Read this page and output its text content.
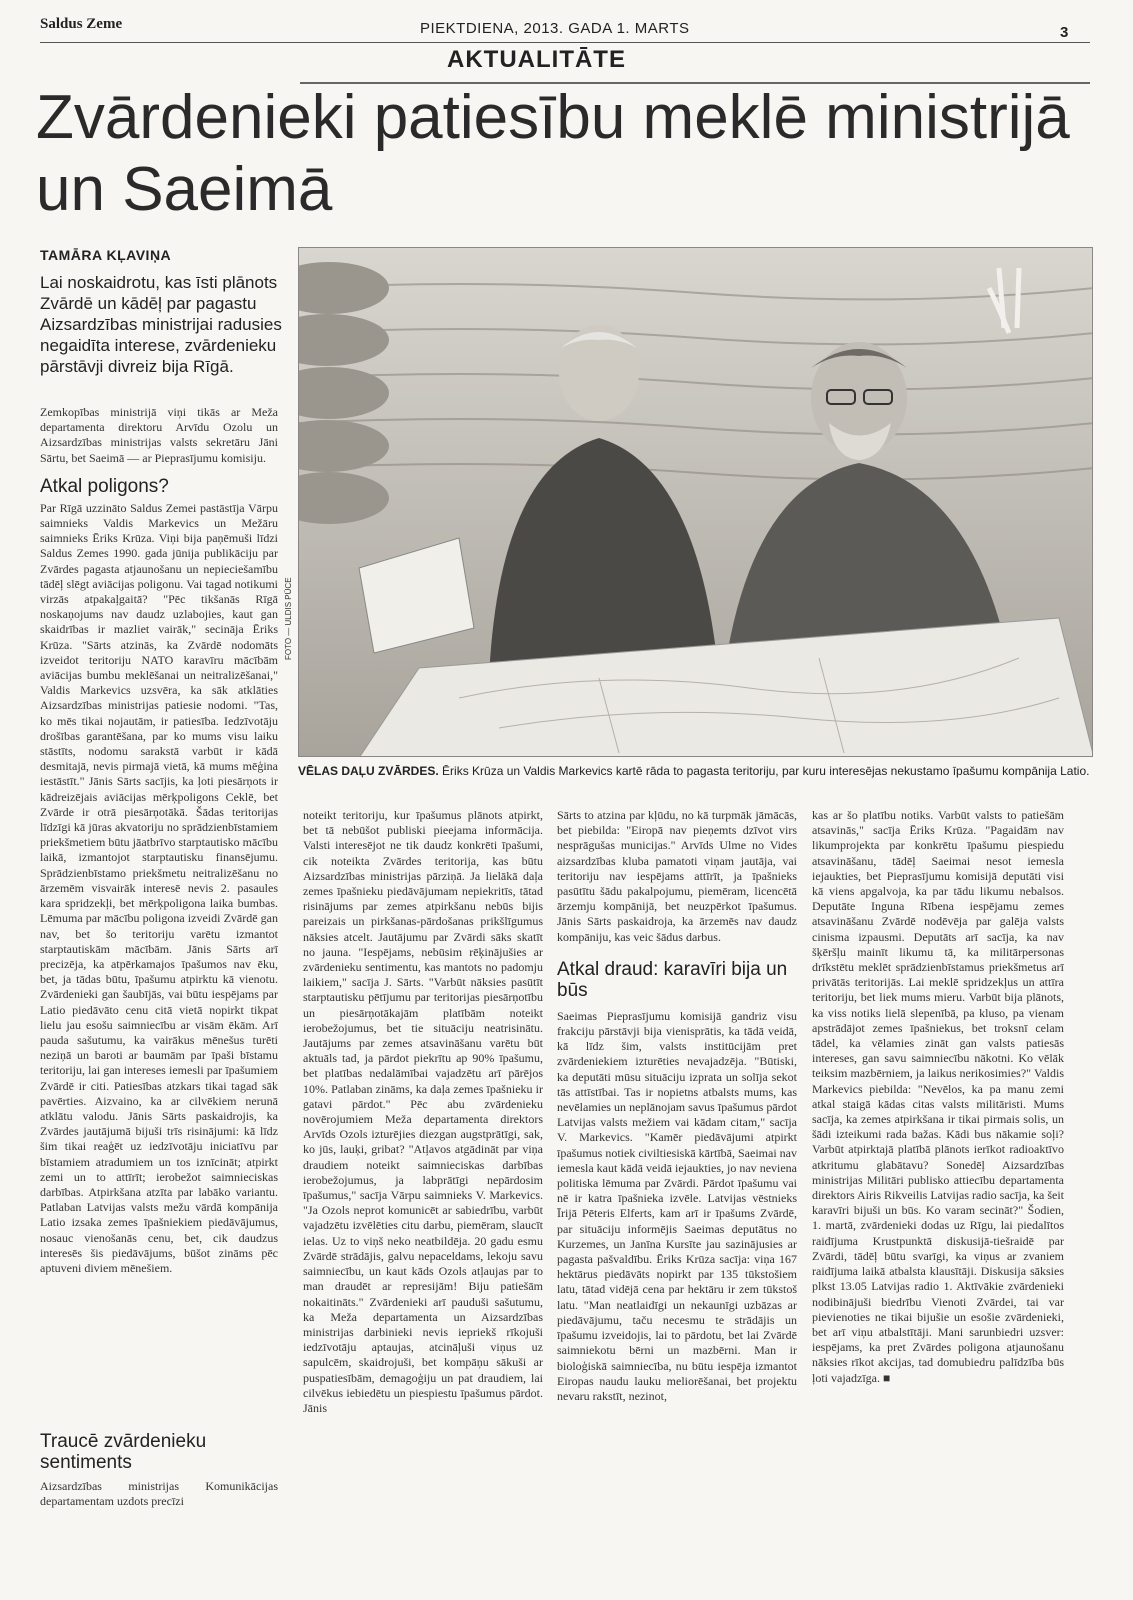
Saldus Zeme	PIEKTDIENA, 2013. GADA 1. MARTS	3
AKTUALITĀTE
Zvārdenieki patiesību meklē ministrijā un Saeimā
TAMĀRA KĻAVIŅA
Lai noskaidrotu, kas īsti plānots Zvārdē un kādēļ par pagastu Aizsardzības ministrijai radusies negaidīta interese, zvārdenieku pārstāvji divreiz bija Rīgā.

Zemkopības ministrijā viņi tikās ar Meža departamenta direktoru Arvīdu Ozolu un Aizsardzības ministrijas valsts sekretāru Jāni Sārtu, bet Saeimā — ar Pieprasījumu komisiju.

Atkal poligons?

Par Rīgā uzzināto Saldus Zemei pastāstīja Vārpu saimnieks Valdis Markevics un Mežāru saimnieks Ēriks Krūza. Viņi bija paņēmuši līdzi Saldus Zemes 1990. gada jūnija publikāciju par Zvārdes pagasta atjaunošanu un nepieciešamību tādēļ slēgt aviācijas poligonu. Vai tagad notikumi virzās atpakaļgaitā? "Pēc tikšanās Rīgā noskaņojums nav daudz uzlabojies, kaut gan skaidrības ir mazliet vairāk," secināja Ēriks Krūza. "Sārts atzinās, ka Zvārdē nodomāts izveidot teritoriju NATO karavīru mācībām aviācijas bumbu meklēšanai un neitralizēšanai," Valdis Markevics uzsvēra, ka sāk atklāties Aizsardzības ministrijas patiesie nodomi. "Tas, ko mēs tikai nojautām, ir patiesība. Iedzīvotāju drošības garantēšana, par ko mums visu laiku stāstīts, nodomu sarakstā varbūt ir kādā desmitajā, nevis pirmajā vietā, kā mums mēģina iestāstīt." Jānis Sārts sacījis, ka ļoti piesārņots ir kādreizējais aviācijas mērķpoligons Ceklē, bet Zvārde ir otrā piesārņotākā. Šādas teritorijas līdzīgi kā jūras akvatoriju no sprādzienbīstamiem priekšmetiem būtu jāatbrīvo starptautisko mācību laikā, izmantojot starptautisku finansējumu. Sprādzienbīstamo priekšmetu neitralizēšanu no ārzemēm visvairāk interesē nevis 2. pasaules kara spridzekļi, bet mērķpoligona laika bumbas. Lēmuma par mācību poligona izveidi Zvārdē gan nav, bet šo teritoriju varētu izmantot starptautiskām mācībām. Jānis Sārts arī precizēja, ka atpērkamajos īpašumos nav ēku, bet, ja tādas būtu, īpašumu atpirktu kā vienotu. Zvārdenieki gan šaubījās, vai būtu iespējams par Latio piedāvāto cenu citā vietā nopirkt tikpat lielu jau esošu saimniecību ar visām ēkām. Arī pauda sašutumu, ka vairākus mēnešus turēti neziņā un baroti ar baumām par īpaši bīstamu teritoriju, lai gan intereses iemesli par īpašumiem Zvārdē ir citi. Patiesības atzkars tikai tagad sāk pavērties. Aizvaino, ka ar cilvēkiem nerunā atklātu valodu. Jānis Sārts paskaidrojis, ka Zvārdes jautājumā bijuši trīs risinājumi: kā līdz šim tikai reaģēt uz iedzīvotāju iniciatīvu par bīstamiem atradumiem un tos iznīcināt; atpirkt zemi un to attīrīt; ierobežot saimnieciskas darbības. Atpirkšana atzīta par labāko variantu. Patlaban Latvijas valsts mežu vārdā kompānija Latio izsaka zemes īpašniekiem piedāvājumus, nosauc vienošanās cenu, bet, cik daudzus interesēs šis piedāvājums, būšot zināms pēc aptuveni diviem mēnešiem.

Traucē zvārdenieku sentiments

Aizsardzības ministrijas Komunikācijas departamentam uzdots precīzi

FOTO — ULDIS PŪCE
VĒLAS DAĻU ZVĀRDES. Ēriks Krūza un Valdis Markevics kartē rāda to pagasta teritoriju, par kuru interesējas nekustamo īpašumu kompānija Latio.

noteikt teritoriju, kur īpašumus plānots atpirkt, bet tā nebūšot publiski pieejama informācija. Valsti interesējot ne tik daudz konkrēti īpašumi, cik noteikta Zvārdes teritorija, kas būtu Aizsardzības ministrijas pārziņā. Ja lielākā daļa zemes īpašnieku piedāvājumam nepiekritīs, tātad risinājums par zemes atpirkšanu nebūs bijis pareizais un pirkšanas-pārdošanas prikšlīgumus nāksies atcelt. Jautājumu par Zvārdi sāks skatīt no jauna. "Iespējams, nebūsim rēķinājušies ar zvārdenieku sentimentu, kas mantots no padomju laikiem," sacīja J. Sārts. "Varbūt nāksies pasūtīt starptautisku pētījumu par teritorijas piesārņotību un piesārņotākajām platībām noteikt ierobežojumus, bet tie situāciju neatrisinātu. Jautājums par zemes atsavināšanu varētu būt aktuāls tad, ja pārdot piekrītu ap 90% īpašumu, bet platības nedalāmībai vajadzētu arī pārējos 10%. Patlaban zināms, ka daļa zemes īpašnieku ir gatavi pārdot." Pēc abu zvārdenieku novērojumiem Meža departamenta direktors Arvīds Ozols izturējies diezgan augstprātīgi, sak, ko jūs, lauķi, gribat? "Atļavos atgādināt par viņa draudiem noteikt saimnieciskas darbības ierobežojumus, ja labprātīgi nepārdosim īpašumus," sacīja Vārpu saimnieks V. Markevics. "Ja Ozols neprot komunicēt ar sabiedrību, varbūt vajadzētu izvēlēties citu darbu, piemēram, slaucīt ielas. Uz to viņš neko neatbildēja. 20 gadu esmu Zvārdē strādājis, galvu nepaceldams, lekoju savu saimniecību, un kaut kāds Ozols atļaujas par to man draudēt ar represijām! Biju patiešām nokaitināts." Zvārdenieki arī pauduši sašutumu, ka Meža departamenta un Aizsardzības ministrijas darbinieki nevis iepriekš rīkojuši iedzīvotāju aptaujas, atcināļuši viņus uz sapulcēm, skaidrojuši, bet kompāņu sākuši ar puspatiesībām, demagoģiju un pat draudiem, lai cilvēkus iebiedētu un piespiestu īpašumus pārdot. Jānis

Sārts to atzina par kļūdu, no kā turpmāk jāmācās, bet piebilda: "Eiropā nav pieņemts dzīvot virs nesprāgušas municijas." Arvīds Ulme no Vides aizsardzības kluba pamatoti viņam jautāja, vai teritoriju nav iespējams attīrīt, ja īpašnieks pasūtītu šādu pakalpojumu, piemēram, licencētā ārzemju kompānijā, bet neuzpērkot īpašumus. Jānis Sārts paskaidroja, ka ārzemēs nav daudz kompāniju, kas veic šādus darbus.

Atkal draud: karavīri bija un būs

Saeimas Pieprasījumu komisijā gandriz visu frakciju pārstāvji bija vienisprātis, ka tādā veidā, kā līdz šim, valsts institūcijām pret zvārdeniekiem izturēties nevajadzēja. "Būtiski, ka deputāti mūsu situāciju izprata un solīja sekot tās attīstībai. Tas ir nopietns atbalsts mums, kas nevēlamies un neplānojam savus īpašumus pārdot Latvijas valsts mežiem vai kādam citam," sacīja V. Markevics. "Kamēr piedāvājumi atpirkt īpašumus notiek civiltiesiskā kārtībā, Saeimai nav iemesla kaut kādā veidā iejaukties, jo nav neviena politiska lēmuma par Zvārdi. Pārdot īpašumu vai nē ir katra īpašnieka izvēle. Latvijas vēstnieks Īrijā Pēteris Elferts, kam arī ir īpašums Zvārdē, par situāciju informējis Saeimas deputātus no Kurzemes, un Janīna Kursīte jau sazinājusies ar pagasta pašvaldību. Ēriks Krūza sacīja: viņa 167 hektārus piedāvāts nopirkt par 135 tūkstošiem latu, tātad vidējā cena par hektāru ir zem tūkstoš latu. "Man neatlaidīgi un nekaunīgi uzbāzas ar piedāvājumu, taču necesmu te strādājis un īpašumu izveidojis, lai to pārdotu, bet lai Zvārdē saimniekotu bērni un mazbērni. Man ir bioloģiskā saimniecība, nu būtu iespēja izmantot Eiropas naudu lauku meliorēšanai, bet projektu nevaru rakstīt, nezinot,

kas ar šo platību notiks. Varbūt valsts to patiešām atsavinās," sacīja Ēriks Krūza. "Pagaidām nav likumprojekta par konkrētu īpašumu piespiedu atsavināšanu, tādēļ Saeimai nesot iemesla iejaukties, bet Pieprasījumu komisijā deputāti visi kā viens apgalvoja, ka par tādu likumu nebalsos. Deputāte Inguna Rībena iespējamu zemes atsavināšanu Zvārdē nodēvēja par galēja valsts cinisma izpausmi. Deputāts arī sacīja, ka nav šķēršļu mainīt likumu tā, ka militārpersonas drīkstētu meklēt sprādzienbīstamus priekšmetus arī privātās teritorijās. Lai meklē spridzekļus un attīra teritoriju, bet liek mums mieru. Varbūt bija plānots, ka viss notiks lielā slepenībā, pa kluso, pa vienam apstrādājot zemes īpašniekus, bet troksnī celam tādel, ka vēlamies zināt gan valsts patiesās intereses, gan savu saimniecību nākotni. Ko vēlāk teiksim mazbērniem, ja laikus nerikosimies?" Valdis Markevics piebilda: "Nevēlos, ka pa manu zemi atkal staigā kādas citas valsts militāristi. Mums sacīja, ka zemes atpirkšana ir tikai pirmais solis, un šādi izteikumi rada bažas. Kādi bus nākamie soļi? Varbūt atpirktajā platībā plānots ierīkot radioaktīvo atkritumu glabātavu? Sonedēļ Aizsardzības ministrijas Militāri publisko attiecību departamenta direktors Airis Rikveilis Latvijas radio sacīja, ka šeit karavīri bijuši un būs. Ko varam secināt?" Šodien, 1. martā, zvārdenieki dodas uz Rīgu, lai piedalītos raidījuma Krustpunktā diskusijā-tiešraidē par Zvārdi, tādēļ būtu svarīgi, ka viņus ar zvaniem raidījuma laikā atbalsta klausītāji. Diskusija sāksies plkst 13.05 Latvijas radio 1. Aktīvākie zvārdenieki nodibinājuši biedrību Vienoti Zvārdei, tai var pievienoties ne tikai bijušie un esošie zvārdenieki, bet arī viņu atbalstītāji. Mani sarunbiedri uzsver: iespējams, ka pret Zvārdes poligona atjaunošanu nāksies rīkot akcijas, tad domubiedru palīdzība būs ļoti vajadzīga. ■
